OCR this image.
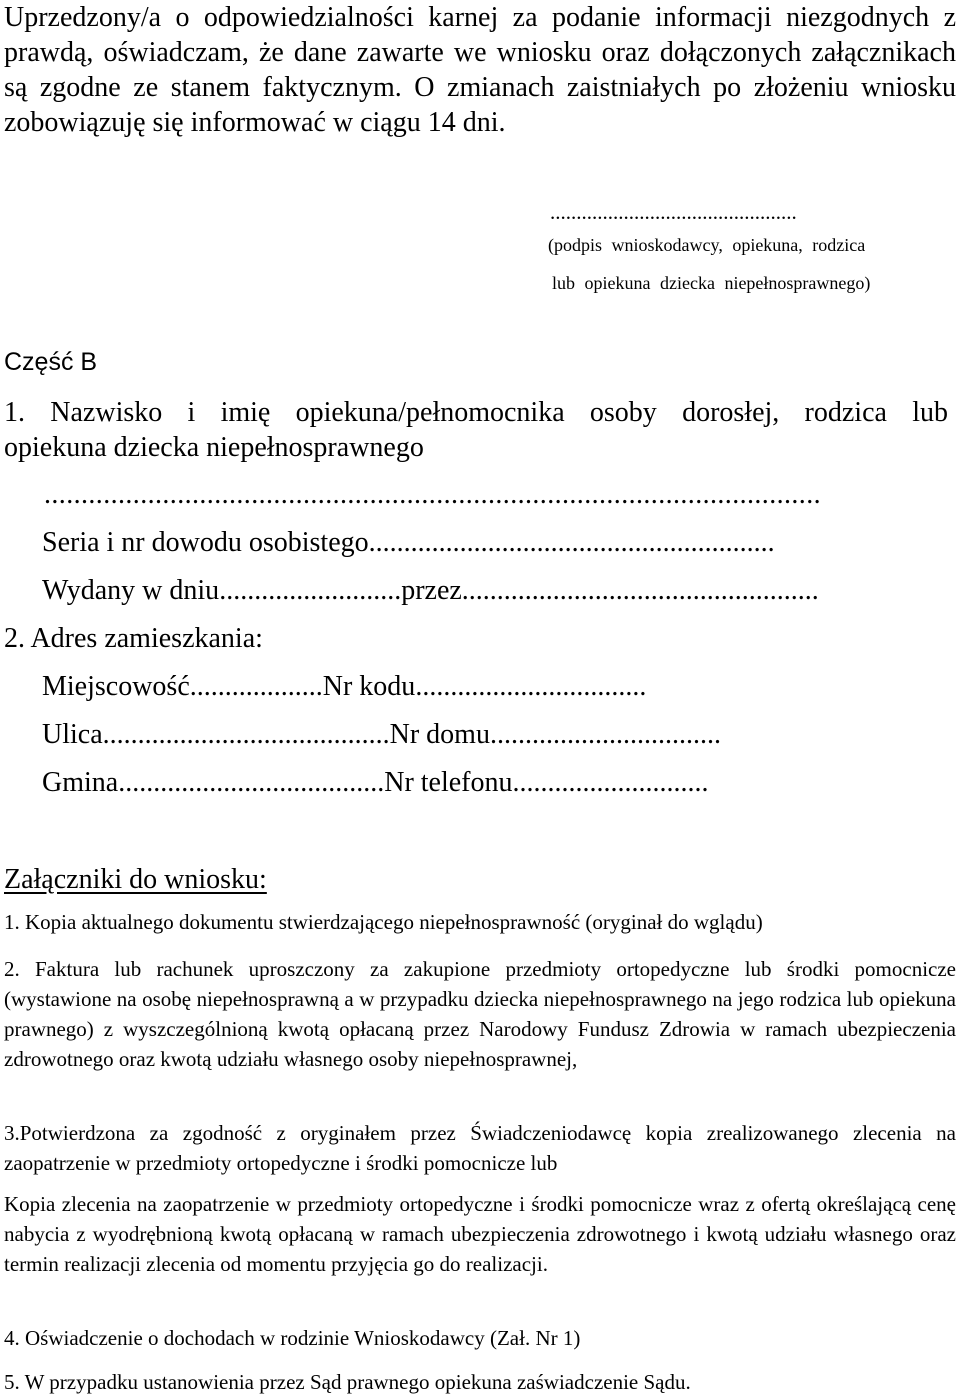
Uprzedzony/a o odpowiedzialności karnej za podanie informacji niezgodnych z prawdą, oświadczam, że dane zawarte we wniosku oraz dołączonych załącznikach są zgodne ze stanem faktycznym. O zmianach zaistniałych po złożeniu wniosku zobowiązuję się informować w ciągu 14 dni.
...............................................
(podpis wnioskodawcy, opiekuna, rodzica
lub opiekuna dziecka niepełnosprawnego)
Część B
1. Nazwisko i imię opiekuna/pełnomocnika osoby dorosłej, rodzica lub
opiekuna dziecka niepełnosprawnego
.........................................................................................................
Seria i nr dowodu osobistego..........................................................
Wydany w dniu..........................przez...................................................
2. Adres zamieszkania:
Miejscowość...................Nr kodu.................................
Ulica.........................................Nr domu.................................
Gmina......................................Nr telefonu............................
Załączniki do wniosku:
1. Kopia aktualnego dokumentu stwierdzającego niepełnosprawność (oryginał do wglądu)
2. Faktura lub rachunek uproszczony za zakupione przedmioty ortopedyczne lub środki pomocnicze (wystawione na osobę niepełnosprawną a w przypadku dziecka niepełnosprawnego na jego rodzica lub opiekuna prawnego) z wyszczególnioną kwotą opłacaną przez Narodowy Fundusz Zdrowia w ramach ubezpieczenia zdrowotnego oraz kwotą udziału własnego osoby niepełnosprawnej,
3.Potwierdzona za zgodność z oryginałem przez Świadczeniodawcę kopia zrealizowanego zlecenia na zaopatrzenie w przedmioty ortopedyczne i środki pomocnicze lub
Kopia zlecenia na zaopatrzenie w przedmioty ortopedyczne i środki pomocnicze wraz z ofertą określającą cenę nabycia z wyodrębnioną kwotą opłacaną w ramach ubezpieczenia zdrowotnego i kwotą udziału własnego oraz termin realizacji zlecenia od momentu przyjęcia go do realizacji.
4. Oświadczenie o dochodach w rodzinie Wnioskodawcy (Zał. Nr 1)
5. W przypadku ustanowienia przez Sąd prawnego opiekuna zaświadczenie Sądu.
